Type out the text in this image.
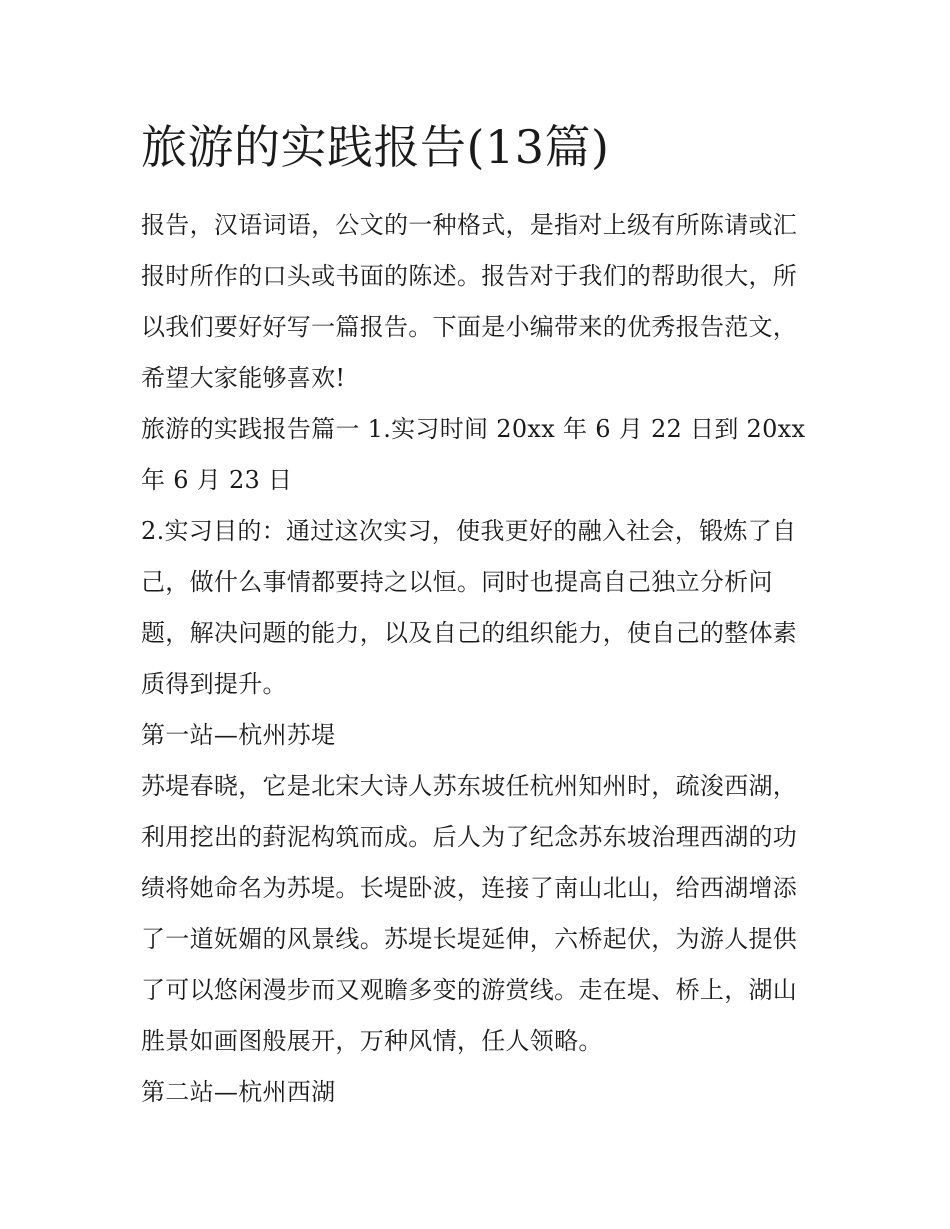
旅游的实践报告(13篇)

报告，汉语词语，公文的一种格式，是指对上级有所陈请或汇报时所作的口头或书面的陈述。报告对于我们的帮助很大，所以我们要好好写一篇报告。下面是小编带来的优秀报告范文，希望大家能够喜欢!

旅游的实践报告篇一 1.实习时间 20xx 年 6 月 22 日到 20xx 年 6 月 23 日

2.实习目的：通过这次实习，使我更好的融入社会，锻炼了自己，做什么事情都要持之以恒。同时也提高自己独立分析问题，解决问题的能力，以及自己的组织能力，使自己的整体素质得到提升。

第一站—杭州苏堤

苏堤春晓，它是北宋大诗人苏东坡任杭州知州时，疏浚西湖，利用挖出的葑泥构筑而成。后人为了纪念苏东坡治理西湖的功绩将她命名为苏堤。长堤卧波，连接了南山北山，给西湖增添了一道妩媚的风景线。苏堤长堤延伸，六桥起伏，为游人提供了可以悠闲漫步而又观瞻多变的游赏线。走在堤、桥上，湖山胜景如画图般展开，万种风情，任人领略。

第二站—杭州西湖
